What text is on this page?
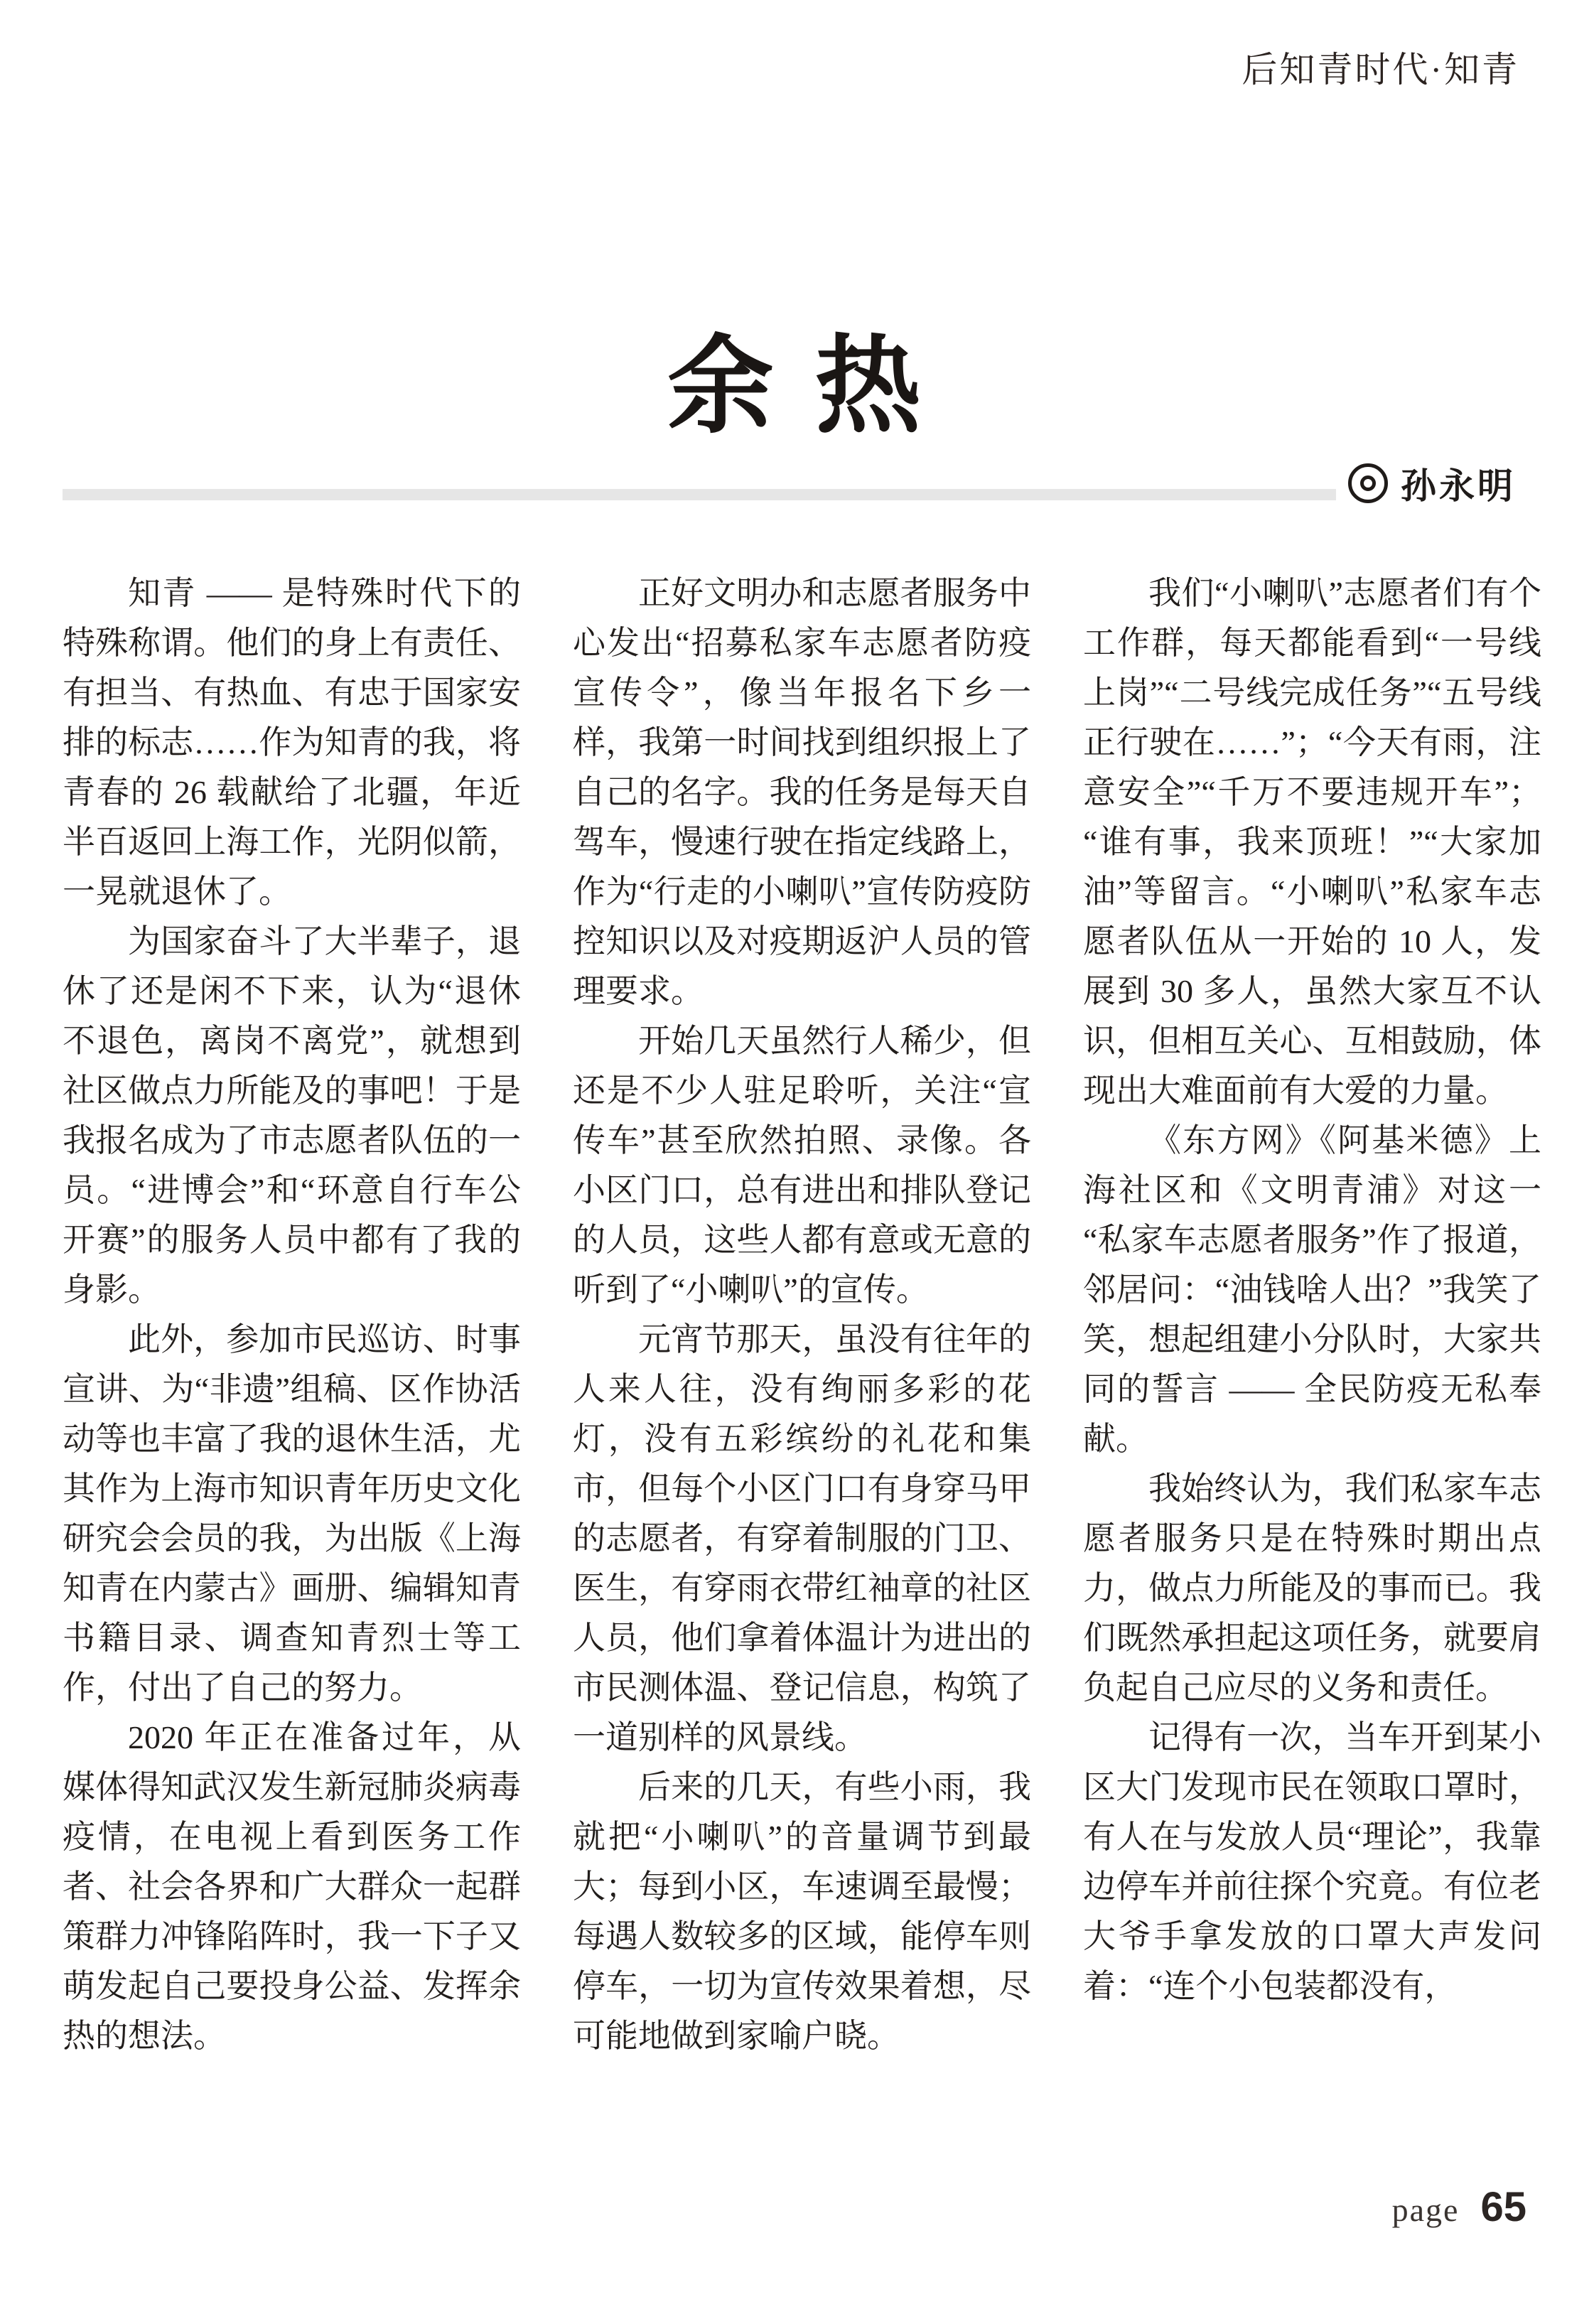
后知青时代·知青
余 热
孙永明

知青 —— 是特殊时代下的特殊称谓。他们的身上有责任、有担当、有热血、有忠于国家安排的标志……作为知青的我，将青春的 26 载献给了北疆，年近半百返回上海工作，光阴似箭，一晃就退休了。

为国家奋斗了大半辈子，退休了还是闲不下来，认为“退休不退色，离岗不离党”，就想到社区做点力所能及的事吧！于是我报名成为了市志愿者队伍的一员。“进博会”和“环意自行车公开赛”的服务人员中都有了我的身影。

此外，参加市民巡访、时事宣讲、为“非遗”组稿、区作协活动等也丰富了我的退休生活，尤其作为上海市知识青年历史文化研究会会员的我，为出版《上海知青在内蒙古》画册、编辑知青书籍目录、调查知青烈士等工作，付出了自己的努力。

2020 年正在准备过年，从媒体得知武汉发生新冠肺炎病毒疫情，在电视上看到医务工作者、社会各界和广大群众一起群策群力冲锋陷阵时，我一下子又萌发起自己要投身公益、发挥余热的想法。

正好文明办和志愿者服务中心发出“招募私家车志愿者防疫宣传令”，像当年报名下乡一样，我第一时间找到组织报上了自己的名字。我的任务是每天自驾车，慢速行驶在指定线路上，作为“行走的小喇叭”宣传防疫防控知识以及对疫期返沪人员的管理要求。

开始几天虽然行人稀少，但还是不少人驻足聆听，关注“宣传车”甚至欣然拍照、录像。各小区门口，总有进出和排队登记的人员，这些人都有意或无意的听到了“小喇叭”的宣传。

元宵节那天，虽没有往年的人来人往，没有绚丽多彩的花灯，没有五彩缤纷的礼花和集市，但每个小区门口有身穿马甲的志愿者，有穿着制服的门卫、医生，有穿雨衣带红袖章的社区人员，他们拿着体温计为进出的市民测体温、登记信息，构筑了一道别样的风景线。

后来的几天，有些小雨，我就把“小喇叭”的音量调节到最大；每到小区，车速调至最慢；每遇人数较多的区域，能停车则停车，一切为宣传效果着想，尽可能地做到家喻户晓。

我们“小喇叭”志愿者们有个工作群，每天都能看到“一号线上岗”“二号线完成任务”“五号线正行驶在……”；“今天有雨，注意安全”“千万不要违规开车”；“谁有事，我来顶班！”“大家加油”等留言。“小喇叭”私家车志愿者队伍从一开始的 10 人，发展到 30 多人，虽然大家互不认识，但相互关心、互相鼓励，体现出大难面前有大爱的力量。

《东方网》《阿基米德》上海社区和《文明青浦》对这一“私家车志愿者服务”作了报道，邻居问：“油钱啥人出？”我笑了笑，想起组建小分队时，大家共同的誓言 —— 全民防疫无私奉献。

我始终认为，我们私家车志愿者服务只是在特殊时期出点力，做点力所能及的事而已。我们既然承担起这项任务，就要肩负起自己应尽的义务和责任。

记得有一次，当车开到某小区大门发现市民在领取口罩时，有人在与发放人员“理论”，我靠边停车并前往探个究竟。有位老大爷手拿发放的口罩大声发问着：“连个小包装都没有，

page 65
